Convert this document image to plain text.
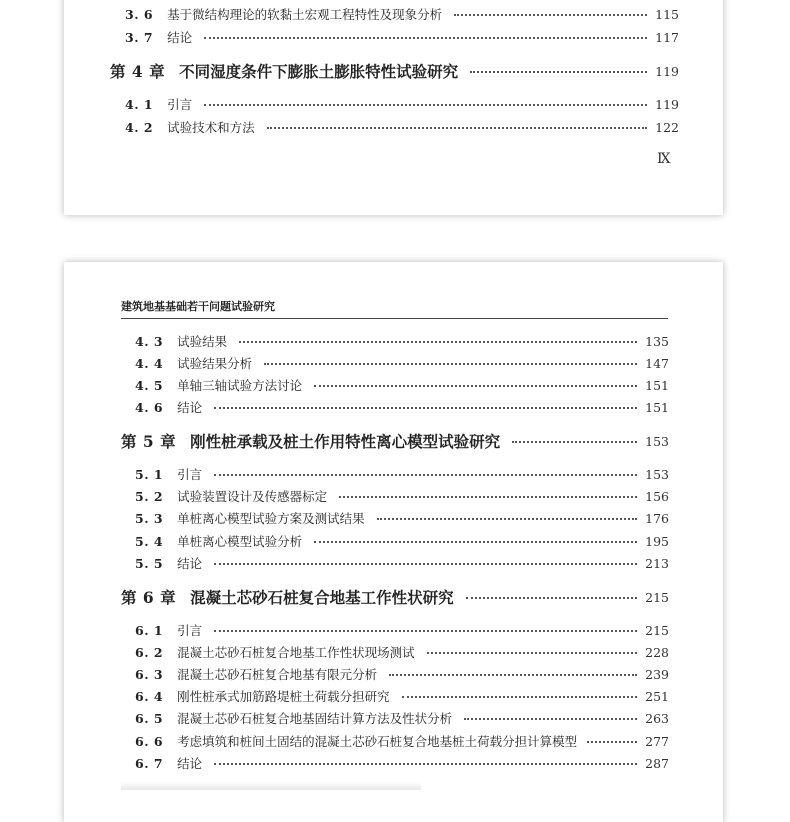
3. 6 基于微结构理论的软黏土宏观工程特性及现象分析	115
3. 7 结论	117
第 4 章 不同湿度条件下膨胀土膨胀特性试验研究	119
4. 1 引言	119
4. 2 试验技术和方法	122
Ⅸ
建筑地基基础若干问题试验研究
4. 3 试验结果	135
4. 4 试验结果分析	147
4. 5 单轴三轴试验方法讨论	151
4. 6 结论	151
第 5 章 刚性桩承载及桩土作用特性离心模型试验研究	153
5. 1 引言	153
5. 2 试验装置设计及传感器标定	156
5. 3 单桩离心模型试验方案及测试结果	176
5. 4 单桩离心模型试验分析	195
5. 5 结论	213
第 6 章 混凝土芯砂石桩复合地基工作性状研究	215
6. 1 引言	215
6. 2 混凝土芯砂石桩复合地基工作性状现场测试	228
6. 3 混凝土芯砂石桩复合地基有限元分析	239
6. 4 刚性桩承式加筋路堤桩土荷载分担研究	251
6. 5 混凝土芯砂石桩复合地基固结计算方法及性状分析	263
6. 6 考虑填筑和桩间土固结的混凝土芯砂石桩复合地基桩土荷载分担计算模型	277
6. 7 结论	287
